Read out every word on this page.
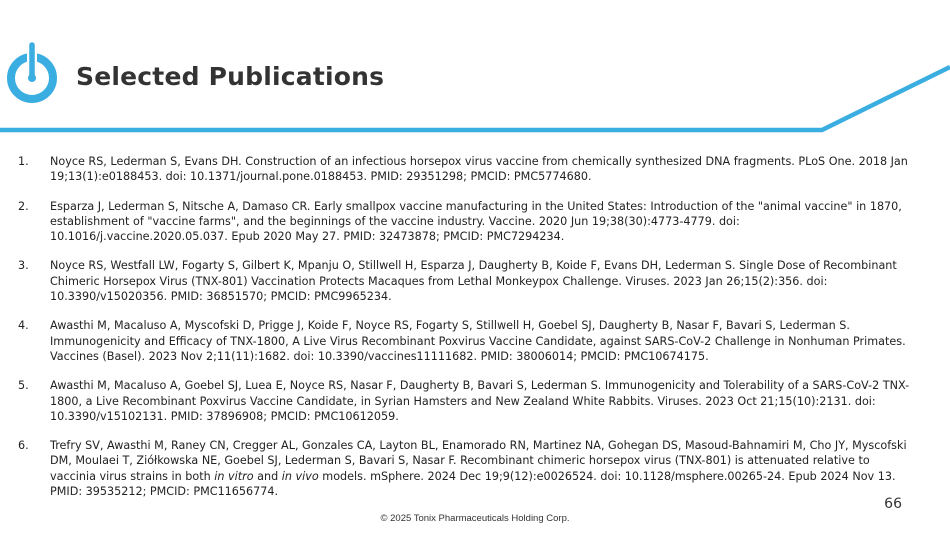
Selected Publications
1. Noyce RS, Lederman S, Evans DH. Construction of an infectious horsepox virus vaccine from chemically synthesized DNA fragments. PLoS One. 2018 Jan 19;13(1):e0188453. doi: 10.1371/journal.pone.0188453. PMID: 29351298; PMCID: PMC5774680.
2. Esparza J, Lederman S, Nitsche A, Damaso CR. Early smallpox vaccine manufacturing in the United States: Introduction of the "animal vaccine" in 1870, establishment of "vaccine farms", and the beginnings of the vaccine industry. Vaccine. 2020 Jun 19;38(30):4773-4779. doi: 10.1016/j.vaccine.2020.05.037. Epub 2020 May 27. PMID: 32473878; PMCID: PMC7294234.
3. Noyce RS, Westfall LW, Fogarty S, Gilbert K, Mpanju O, Stillwell H, Esparza J, Daugherty B, Koide F, Evans DH, Lederman S. Single Dose of Recombinant Chimeric Horsepox Virus (TNX-801) Vaccination Protects Macaques from Lethal Monkeypox Challenge. Viruses. 2023 Jan 26;15(2):356. doi: 10.3390/v15020356. PMID: 36851570; PMCID: PMC9965234.
4. Awasthi M, Macaluso A, Myscofski D, Prigge J, Koide F, Noyce RS, Fogarty S, Stillwell H, Goebel SJ, Daugherty B, Nasar F, Bavari S, Lederman S. Immunogenicity and Efficacy of TNX-1800, A Live Virus Recombinant Poxvirus Vaccine Candidate, against SARS-CoV-2 Challenge in Nonhuman Primates. Vaccines (Basel). 2023 Nov 2;11(11):1682. doi: 10.3390/vaccines11111682. PMID: 38006014; PMCID: PMC10674175.
5. Awasthi M, Macaluso A, Goebel SJ, Luea E, Noyce RS, Nasar F, Daugherty B, Bavari S, Lederman S. Immunogenicity and Tolerability of a SARS-CoV-2 TNX-1800, a Live Recombinant Poxvirus Vaccine Candidate, in Syrian Hamsters and New Zealand White Rabbits. Viruses. 2023 Oct 21;15(10):2131. doi: 10.3390/v15102131. PMID: 37896908; PMCID: PMC10612059.
6. Trefry SV, Awasthi M, Raney CN, Cregger AL, Gonzales CA, Layton BL, Enamorado RN, Martinez NA, Gohegan DS, Masoud-Bahnamiri M, Cho JY, Myscofski DM, Moulaei T, Ziółkowska NE, Goebel SJ, Lederman S, Bavari S, Nasar F. Recombinant chimeric horsepox virus (TNX-801) is attenuated relative to vaccinia virus strains in both in vitro and in vivo models. mSphere. 2024 Dec 19;9(12):e0026524. doi: 10.1128/msphere.00265-24. Epub 2024 Nov 13. PMID: 39535212; PMCID: PMC11656774.
66
© 2025 Tonix Pharmaceuticals Holding Corp.
